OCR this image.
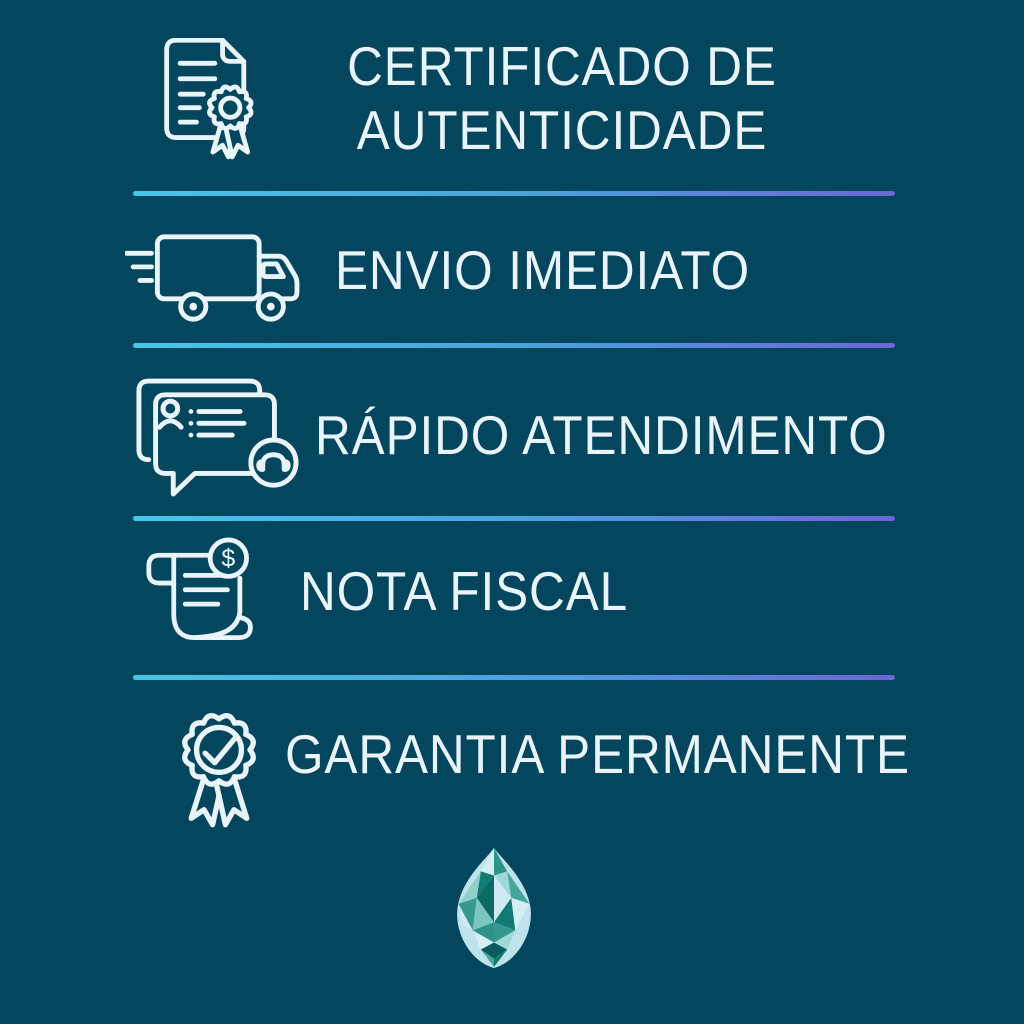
CERTIFICADO DE AUTENTICIDADE
ENVIO IMEDIATO
RÁPIDO ATENDIMENTO
$
NOTA FISCAL
GARANTIA PERMANENTE
